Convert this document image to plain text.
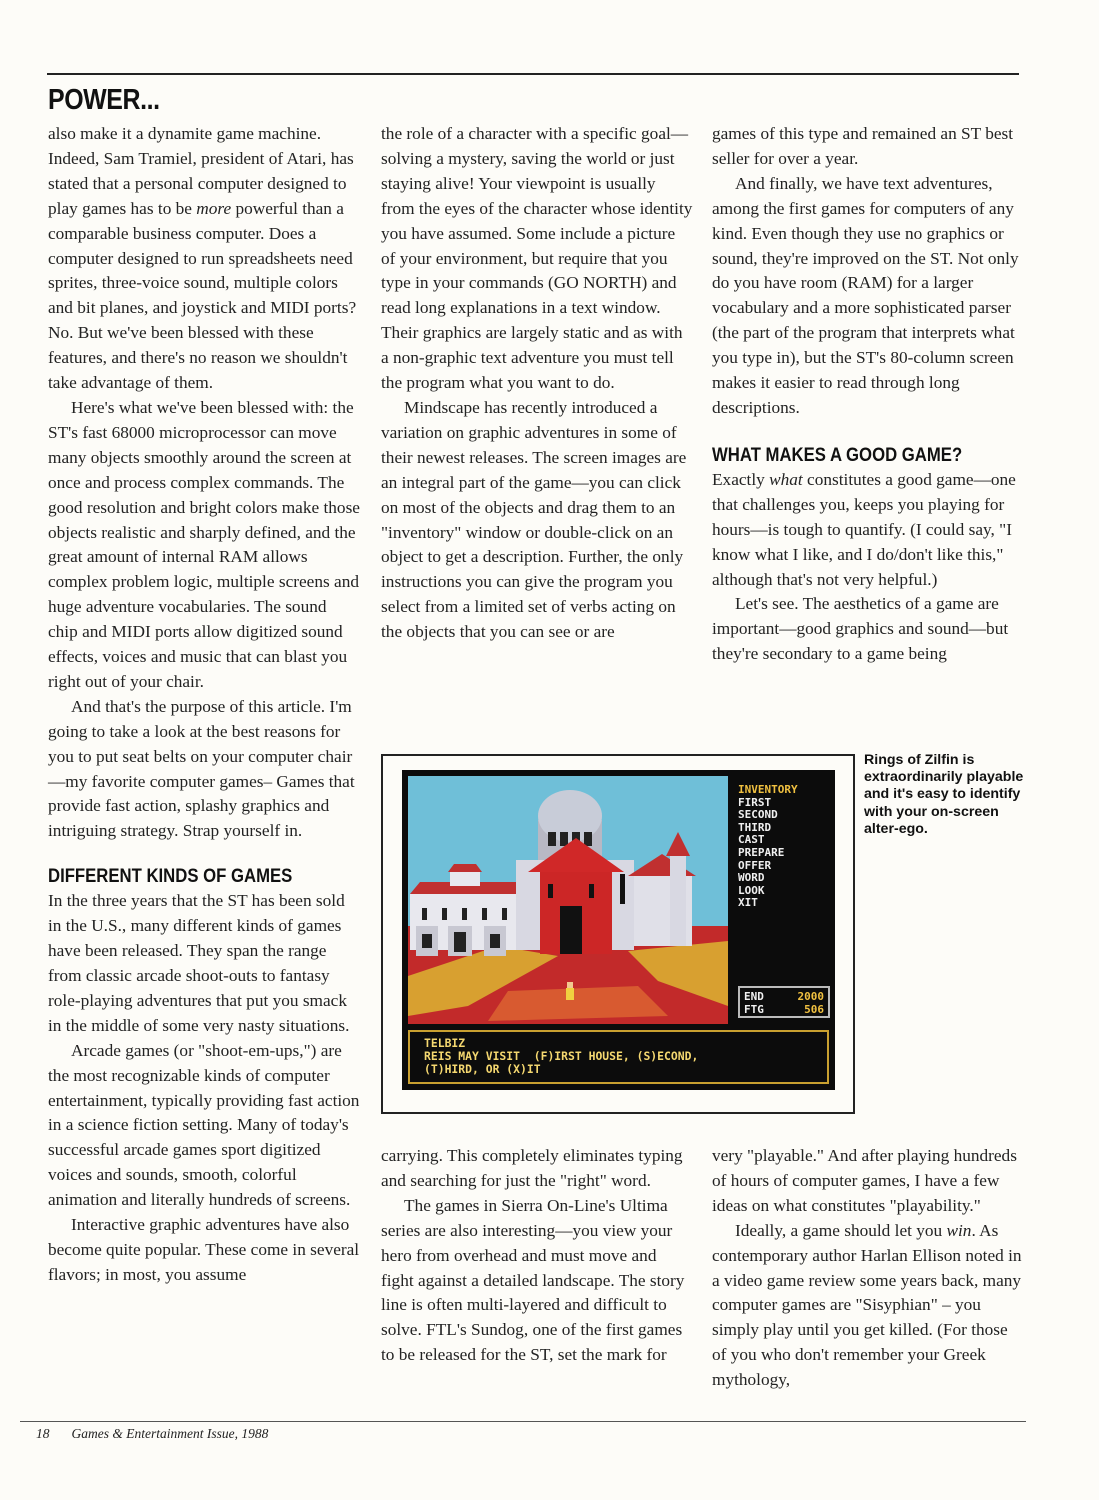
POWER...

also make it a dynamite game machine. Indeed, Sam Tramiel, president of Atari, has stated that a personal computer designed to play games has to be more powerful than a comparable business computer. Does a computer designed to run spreadsheets need sprites, three-voice sound, multiple colors and bit planes, and joystick and MIDI ports? No. But we've been blessed with these features, and there's no reason we shouldn't take advantage of them.

Here's what we've been blessed with: the ST's fast 68000 microprocessor can move many objects smoothly around the screen at once and process complex commands. The good resolution and bright colors make those objects realistic and sharply defined, and the great amount of internal RAM allows complex problem logic, multiple screens and huge adventure vocabularies. The sound chip and MIDI ports allow digitized sound effects, voices and music that can blast you right out of your chair.

And that's the purpose of this article. I'm going to take a look at the best reasons for you to put seat belts on your computer chair—my favorite computer games– Games that provide fast action, splashy graphics and intriguing strategy. Strap yourself in.

DIFFERENT KINDS OF GAMES

In the three years that the ST has been sold in the U.S., many different kinds of games have been released. They span the range from classic arcade shoot-outs to fantasy role-playing adventures that put you smack in the middle of some very nasty situations.

Arcade games (or "shoot-em-ups,") are the most recognizable kinds of computer entertainment, typically providing fast action in a science fiction setting. Many of today's successful arcade games sport digitized voices and sounds, smooth, colorful animation and literally hundreds of screens.

Interactive graphic adventures have also become quite popular. These come in several flavors; in most, you assume

the role of a character with a specific goal—solving a mystery, saving the world or just staying alive! Your viewpoint is usually from the eyes of the character whose identity you have assumed. Some include a picture of your environment, but require that you type in your commands (GO NORTH) and read long explanations in a text window. Their graphics are largely static and as with a non-graphic text adventure you must tell the program what you want to do.

Mindscape has recently introduced a variation on graphic adventures in some of their newest releases. The screen images are an integral part of the game—you can click on most of the objects and drag them to an "inventory" window or double-click on an object to get a description. Further, the only instructions you can give the program you select from a limited set of verbs acting on the objects that you can see or are

games of this type and remained an ST best seller for over a year.

And finally, we have text adventures, among the first games for computers of any kind. Even though they use no graphics or sound, they're improved on the ST. Not only do you have room (RAM) for a larger vocabulary and a more sophisticated parser (the part of the program that interprets what you type in), but the ST's 80-column screen makes it easier to read through long descriptions.

WHAT MAKES A GOOD GAME?

Exactly what constitutes a good game—one that challenges you, keeps you playing for hours—is tough to quantify. (I could say, "I know what I like, and I do/don't like this," although that's not very helpful.)

Let's see. The aesthetics of a game are important—good graphics and sound—but they're secondary to a game being

INVENTORY
FIRST
SECOND
THIRD
CAST
PREPARE
OFFER
WORD
LOOK
XIT
END	2000
FTG	506
TELBIZ
REIS MAY VISIT  (F)IRST HOUSE, (S)ECOND,
(T)HIRD, OR (X)IT
Rings of Zilfin is extraordinarily playable and it's easy to identify with your on-screen alter-ego.

carrying. This completely eliminates typing and searching for just the "right" word.

The games in Sierra On-Line's Ultima series are also interesting—you view your hero from overhead and must move and fight against a detailed landscape. The story line is often multi-layered and difficult to solve. FTL's Sundog, one of the first games to be released for the ST, set the mark for

very "playable." And after playing hundreds of hours of computer games, I have a few ideas on what constitutes "playability."

Ideally, a game should let you win. As contemporary author Harlan Ellison noted in a video game review some years back, many computer games are "Sisyphian" – you simply play until you get killed. (For those of you who don't remember your Greek mythology,

18 Games & Entertainment Issue, 1988
